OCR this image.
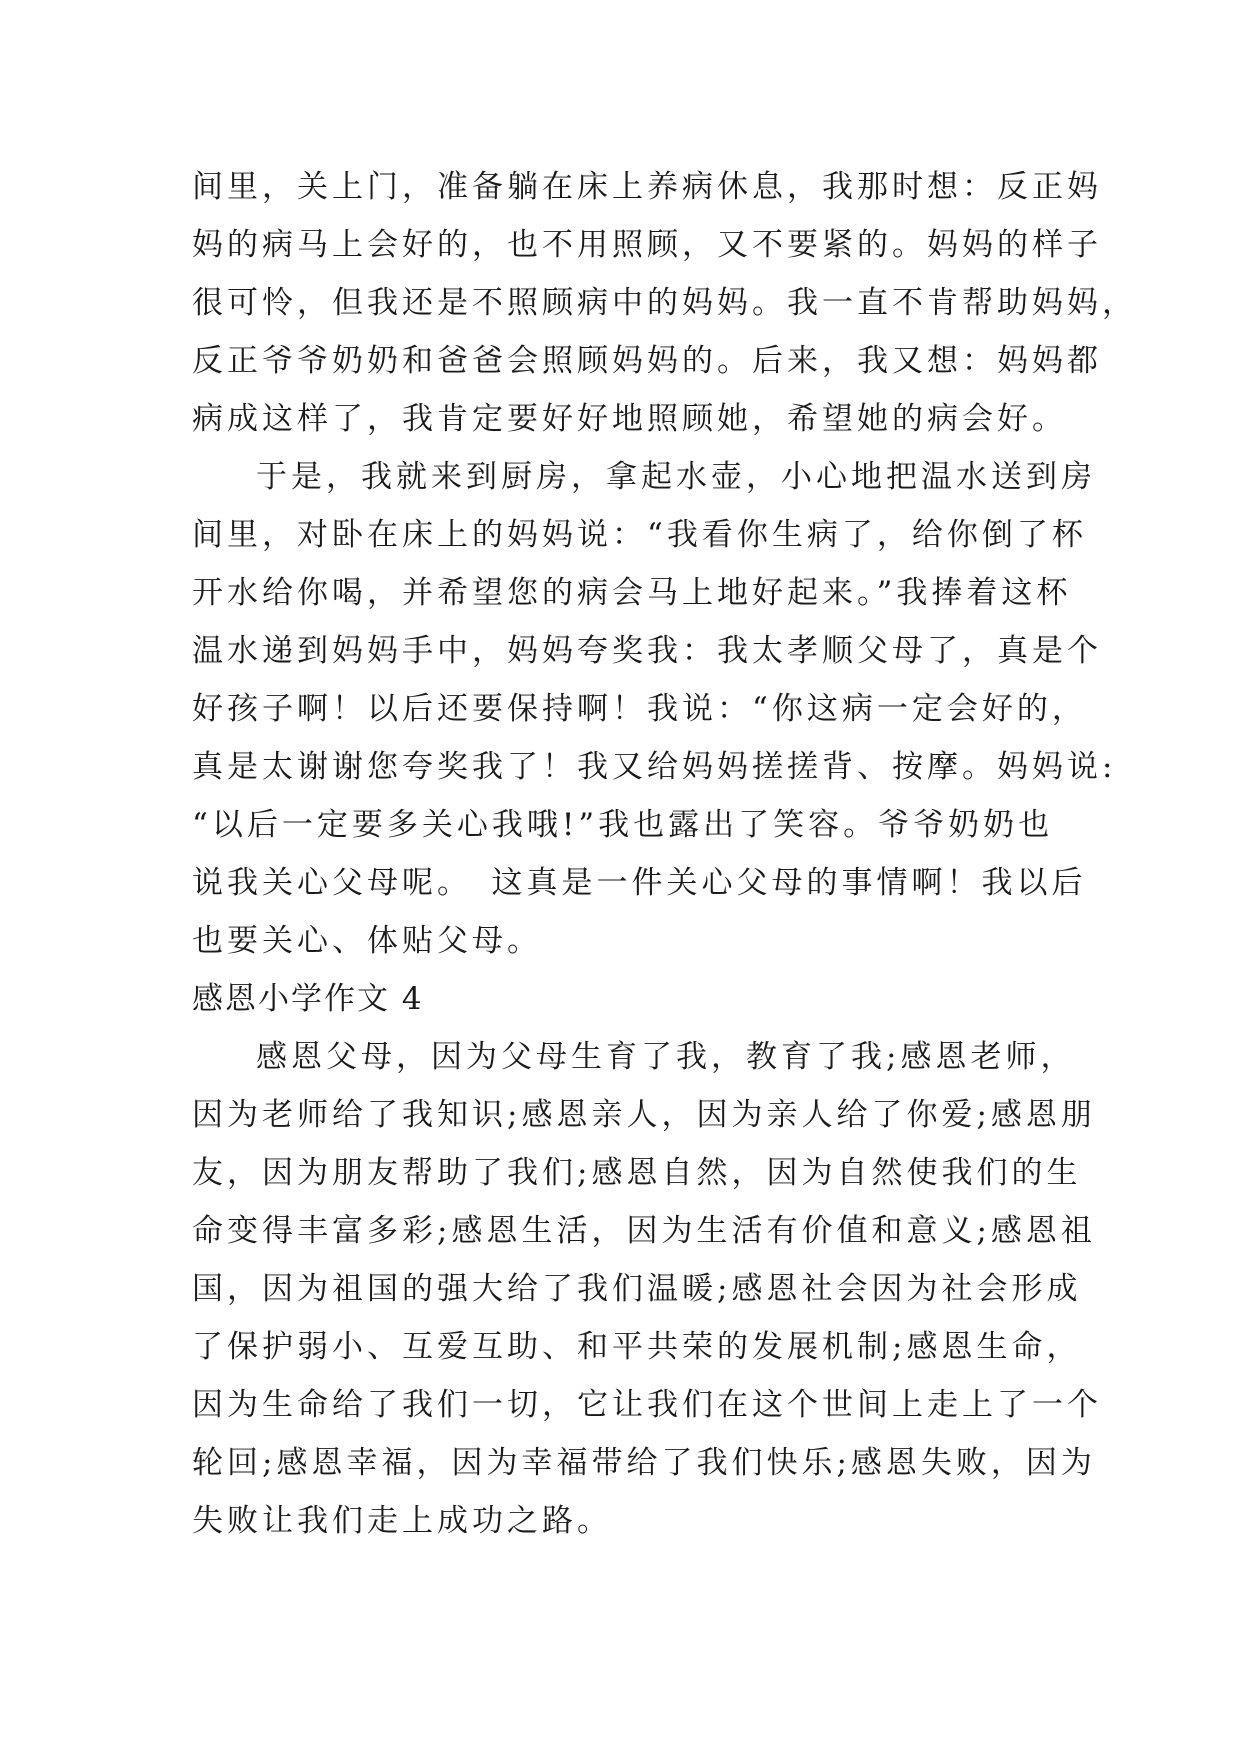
间里，关上门，准备躺在床上养病休息，我那时想：反正妈
妈的病马上会好的，也不用照顾，又不要紧的。妈妈的样子
很可怜，但我还是不照顾病中的妈妈。我一直不肯帮助妈妈，
反正爷爷奶奶和爸爸会照顾妈妈的。后来，我又想：妈妈都
病成这样了，我肯定要好好地照顾她，希望她的病会好。
于是，我就来到厨房，拿起水壶，小心地把温水送到房
间里，对卧在床上的妈妈说：“我看你生病了，给你倒了杯
开水给你喝，并希望您的病会马上地好起来。”我捧着这杯
温水递到妈妈手中，妈妈夸奖我：我太孝顺父母了，真是个
好孩子啊！以后还要保持啊！我说：“你这病一定会好的，
真是太谢谢您夸奖我了！我又给妈妈搓搓背、按摩。妈妈说:
“以后一定要多关心我哦!”我也露出了笑容。爷爷奶奶也
说我关心父母呢。　这真是一件关心父母的事情啊！我以后
也要关心、体贴父母。
感恩小学作文 4
感恩父母，因为父母生育了我，教育了我;感恩老师，
因为老师给了我知识;感恩亲人，因为亲人给了你爱;感恩朋
友，因为朋友帮助了我们;感恩自然，因为自然使我们的生
命变得丰富多彩;感恩生活，因为生活有价值和意义;感恩祖
国，因为祖国的强大给了我们温暖;感恩社会因为社会形成
了保护弱小、互爱互助、和平共荣的发展机制;感恩生命，
因为生命给了我们一切，它让我们在这个世间上走上了一个
轮回;感恩幸福，因为幸福带给了我们快乐;感恩失败，因为
失败让我们走上成功之路。
